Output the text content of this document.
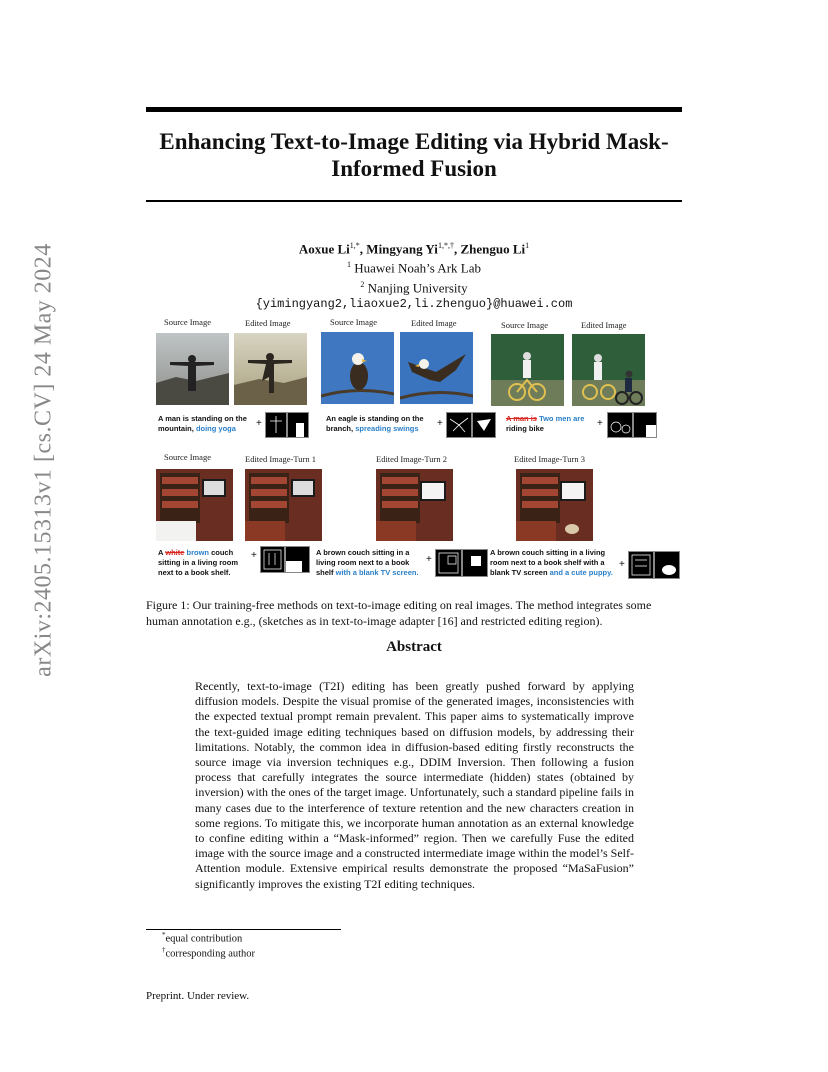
arXiv:2405.15313v1 [cs.CV] 24 May 2024
Enhancing Text-to-Image Editing via Hybrid Mask-Informed Fusion
Aoxue $Li^{1,*}$, Mingyang $Yi^{1,*,\dagger}$, Zhenguo Li$^1$
$^1$ Huawei Noah’s Ark Lab
$^2$ Nanjing University
{yimingyang2,liaoxue2,li.zhenguo}@huawei.com
Source Image	Edited Image	Source Image	Edited Image	Source Image	Edited Image
A man is standing on the
mountain, doing yoga	+	An eagle is standing on the
branch, spreading swings	+	A man is Two men are
riding bike	+
Source Image	Edited Image-Turn 1	Edited Image-Turn 2	Edited Image-Turn 3
A white brown couch
sitting in a living room
next to a book shelf.
+	A brown couch sitting in a
living room next to a book
shelf with a blank TV screen.
+
A brown couch sitting in a living
room next to a book shelf with a
blank TV screen and a cute puppy.
+
Figure 1: Our training-free methods on text-to-image editing on real images. The method integrates some human annotation e.g., (sketches as in text-to-image adapter [16] and restricted editing region).
Abstract
Recently, text-to-image (T2I) editing has been greatly pushed forward by applying diffusion models. Despite the visual promise of the generated images, inconsistencies with the expected textual prompt remain prevalent. This paper aims to systematically improve the text-guided image editing techniques based on diffusion models, by addressing their limitations. Notably, the common idea in diffusion-based editing firstly reconstructs the source image via inversion techniques e.g., DDIM Inversion. Then following a fusion process that carefully integrates the source intermediate (hidden) states (obtained by inversion) with the ones of the target image. Unfortunately, such a standard pipeline fails in many cases due to the interference of texture retention and the new characters creation in some regions. To mitigate this, we incorporate human annotation as an external knowledge to confine editing within a “Mask-informed” region. Then we carefully Fuse the edited image with the source image and a constructed intermediate image within the model’s Self-Attention module. Extensive empirical results demonstrate the proposed “MaSaFusion” significantly improves the existing T2I editing techniques.
*equal contribution
†corresponding author
Preprint. Under review.
